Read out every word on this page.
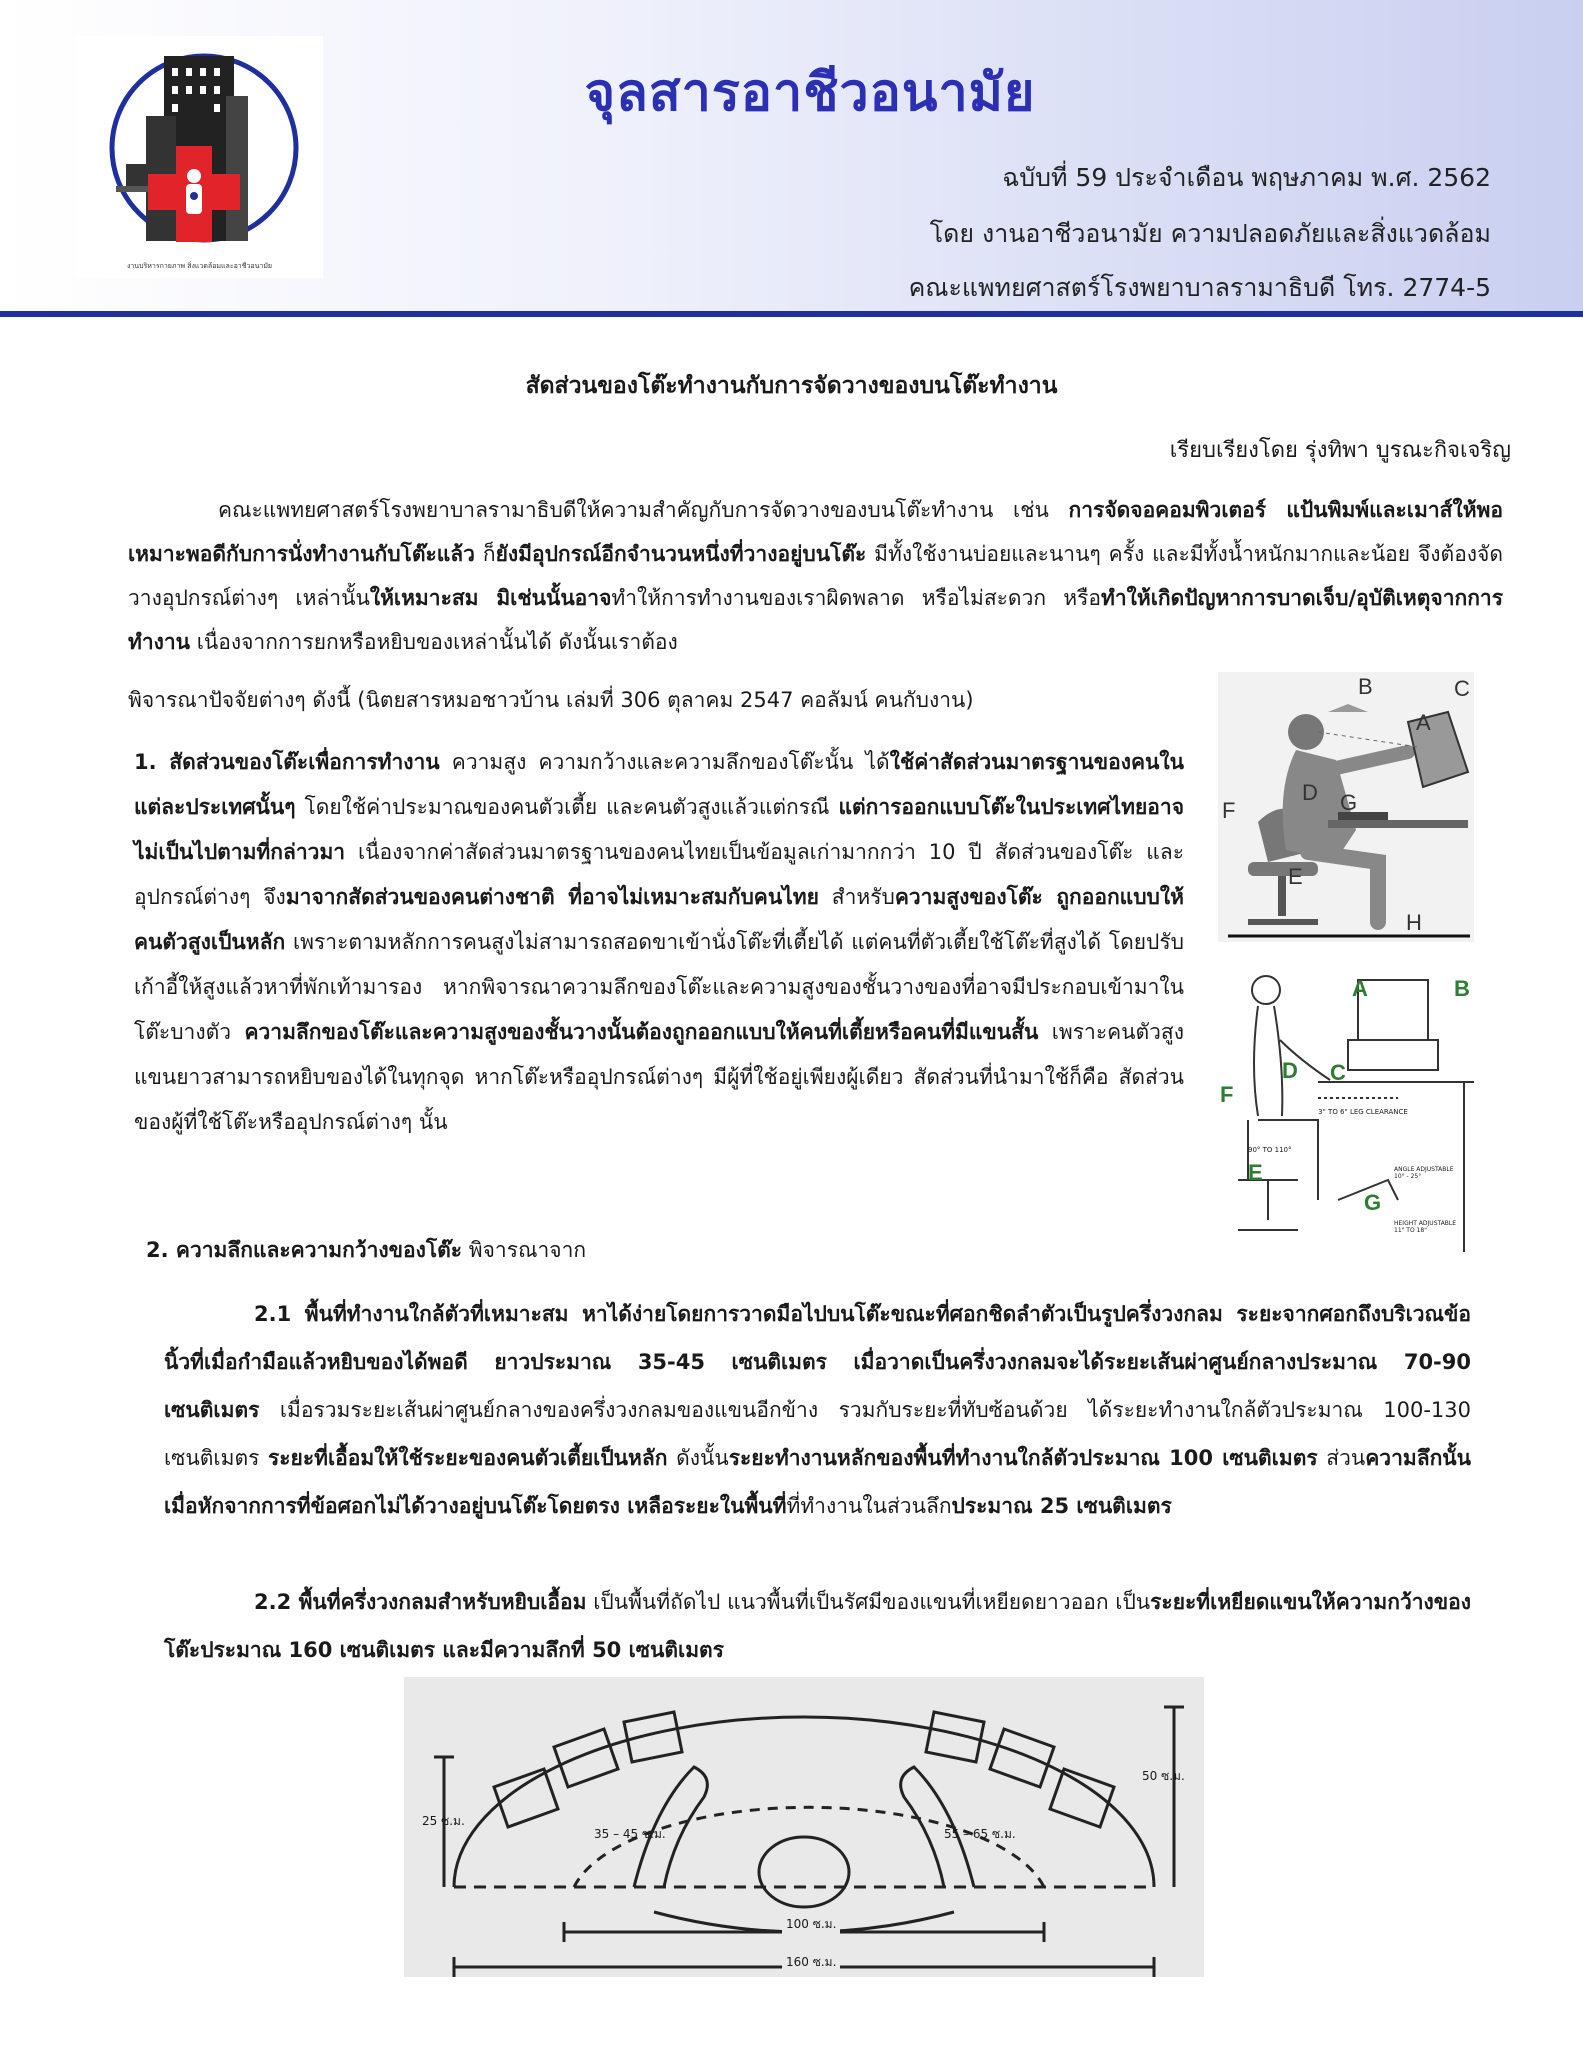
งานบริหารกายภาพ สิ่งแวดล้อมและอาชีวอนามัย
จุลสารอาชีวอนามัย
ฉบับที่ 59 ประจำเดือน พฤษภาคม พ.ศ. 2562
โดย งานอาชีวอนามัย ความปลอดภัยและสิ่งแวดล้อม
คณะแพทยศาสตร์โรงพยาบาลรามาธิบดี โทร. 2774-5
สัดส่วนของโต๊ะทำงานกับการจัดวางของบนโต๊ะทำงาน
เรียบเรียงโดย รุ่งทิพา บูรณะกิจเจริญ

คณะแพทยศาสตร์โรงพยาบาลรามาธิบดีให้ความสำคัญกับการจัดวางของบนโต๊ะทำงาน เช่น การจัดจอคอมพิวเตอร์ แป้นพิมพ์และเมาส์ให้พอเหมาะพอดีกับการนั่งทำงานกับโต๊ะแล้ว ก็ยังมีอุปกรณ์อีกจำนวนหนึ่งที่วางอยู่บนโต๊ะ มีทั้งใช้งานบ่อยและนานๆ ครั้ง และมีทั้งน้ำหนักมากและน้อย จึงต้องจัดวางอุปกรณ์ต่างๆ เหล่านั้นให้เหมาะสม มิเช่นนั้นอาจทำให้การทำงานของเราผิดพลาด หรือไม่สะดวก หรือทำให้เกิดปัญหาการบาดเจ็บ/อุบัติเหตุจากการทำงาน เนื่องจากการยกหรือหยิบของเหล่านั้นได้ ดังนั้นเราต้อง

พิจารณาปัจจัยต่างๆ ดังนี้ (นิตยสารหมอชาวบ้าน เล่มที่ 306 ตุลาคม 2547 คอลัมน์ คนกับงาน)

1. สัดส่วนของโต๊ะเพื่อการทำงาน ความสูง ความกว้างและความลึกของโต๊ะนั้น ได้ใช้ค่าสัดส่วนมาตรฐานของคนในแต่ละประเทศนั้นๆ โดยใช้ค่าประมาณของคนตัวเตี้ย และคนตัวสูงแล้วแต่กรณี แต่การออกแบบโต๊ะในประเทศไทยอาจไม่เป็นไปตามที่กล่าวมา เนื่องจากค่าสัดส่วนมาตรฐานของคนไทยเป็นข้อมูลเก่ามากกว่า 10 ปี สัดส่วนของโต๊ะ และอุปกรณ์ต่างๆ จึงมาจากสัดส่วนของคนต่างชาติ ที่อาจไม่เหมาะสมกับคนไทย สำหรับความสูงของโต๊ะ ถูกออกแบบให้คนตัวสูงเป็นหลัก เพราะตามหลักการคนสูงไม่สามารถสอดขาเข้านั่งโต๊ะที่เตี้ยได้ แต่คนที่ตัวเตี้ยใช้โต๊ะที่สูงได้ โดยปรับเก้าอี้ให้สูงแล้วหาที่พักเท้ามารอง หากพิจารณาความลึกของโต๊ะและความสูงของชั้นวางของที่อาจมีประกอบเข้ามาในโต๊ะบางตัว ความลึกของโต๊ะและความสูงของชั้นวางนั้นต้องถูกออกแบบให้คนที่เตี้ยหรือคนที่มีแขนสั้น เพราะคนตัวสูงแขนยาวสามารถหยิบของได้ในทุกจุด หากโต๊ะหรืออุปกรณ์ต่างๆ มีผู้ที่ใช้อยู่เพียงผู้เดียว สัดส่วนที่นำมาใช้ก็คือ สัดส่วนของผู้ที่ใช้โต๊ะหรืออุปกรณ์ต่างๆ นั้น

B	C
A
D G
F
E
H
A	B
C
D
E
F
G
3" TO 6" LEG CLEARANCE
90° TO 110°
ANGLE ADJUSTABLE 10° - 25°
HEIGHT ADJUSTABLE 11" TO 18"

2. ความลึกและความกว้างของโต๊ะ พิจารณาจาก

2.1 พื้นที่ทำงานใกล้ตัวที่เหมาะสม หาได้ง่ายโดยการวาดมือไปบนโต๊ะขณะที่ศอกชิดลำตัวเป็นรูปครึ่งวงกลม ระยะจากศอกถึงบริเวณข้อนิ้วที่เมื่อกำมือแล้วหยิบของได้พอดี ยาวประมาณ 35-45 เซนติเมตร เมื่อวาดเป็นครึ่งวงกลมจะได้ระยะเส้นผ่าศูนย์กลางประมาณ 70-90 เซนติเมตร เมื่อรวมระยะเส้นผ่าศูนย์กลางของครึ่งวงกลมของแขนอีกข้าง รวมกับระยะที่ทับซ้อนด้วย ได้ระยะทำงานใกล้ตัวประมาณ 100-130 เซนติเมตร ระยะที่เอื้อมให้ใช้ระยะของคนตัวเตี้ยเป็นหลัก ดังนั้นระยะทำงานหลักของพื้นที่ทำงานใกล้ตัวประมาณ 100 เซนติเมตร ส่วนความลึกนั้น เมื่อหักจากการที่ข้อศอกไม่ได้วางอยู่บนโต๊ะโดยตรง เหลือระยะในพื้นที่ที่ทำงานในส่วนลึกประมาณ 25 เซนติเมตร

2.2 พื้นที่ครึ่งวงกลมสำหรับหยิบเอื้อม เป็นพื้นที่ถัดไป แนวพื้นที่เป็นรัศมีของแขนที่เหยียดยาวออก เป็นระยะที่เหยียดแขนให้ความกว้างของโต๊ะประมาณ 160 เซนติเมตร และมีความลึกที่ 50 เซนติเมตร

25 ซ.ม.
50 ซ.ม.
35 – 45 ซ.ม.	55 – 65 ซ.ม.
100 ซ.ม.
160 ซ.ม.
